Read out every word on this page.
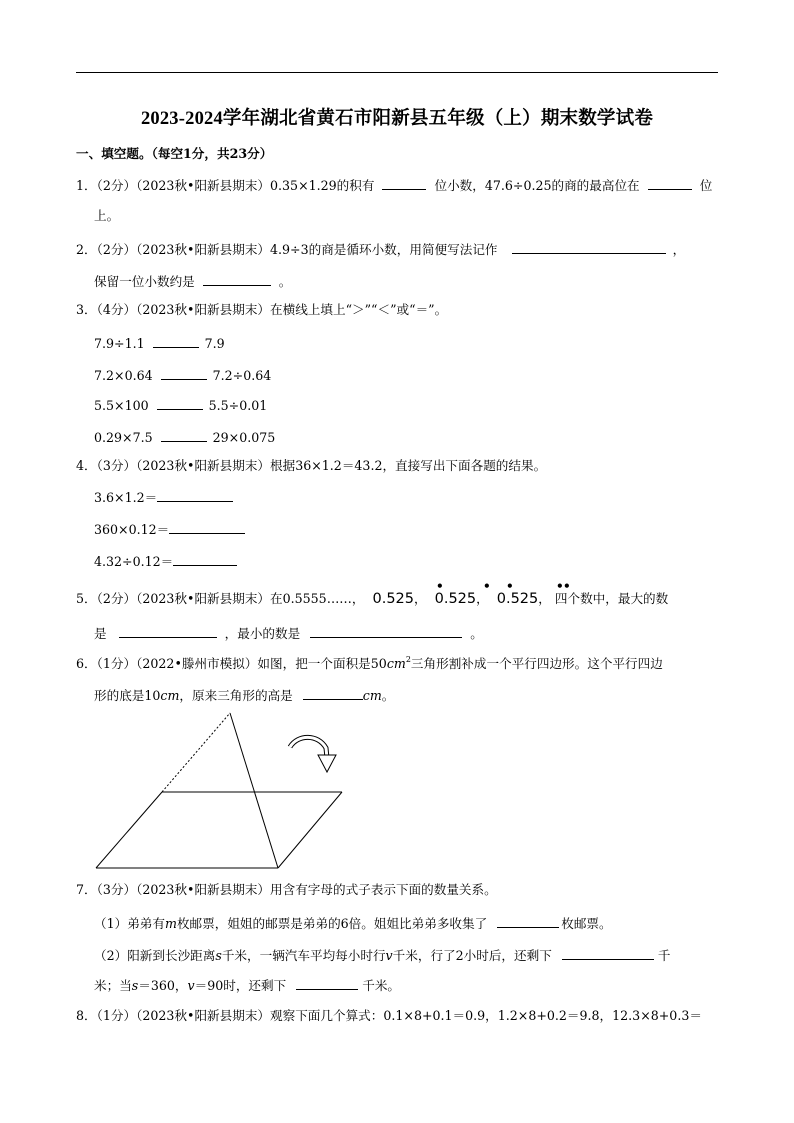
2023-2024学年湖北省黄石市阳新县五年级（上）期末数学试卷
一、填空题。（每空1分，共23分）
1．（2分）（2023秋•阳新县期末）0.35×1.29的积有	位小数，47.6÷0.25的商的最高位在	位
上。
2．（2分）（2023秋•阳新县期末）4.9÷3的商是循环小数，用简便写法记作	，
保留一位小数约是	。
3．（4分）（2023秋•阳新县期末）在横线上填上“＞”“＜”或“＝”。
7.9÷1.1	7.9
7.2×0.64	7.2÷0.64
5.5×100	5.5÷0.01
0.29×7.5	29×0.075
4．（3分）（2023秋•阳新县期末）根据36×1.2＝43.2，直接写出下面各题的结果。
3.6×1.2＝
360×0.12＝
4.32÷0.12＝
5．（2分）（2023秋•阳新县期末）在0.5555……， 0.525， 0.525， 0.525， 四个数中，最大的数
•	• •	• •
是	，最小的数是	。
6．（1分）（2022•滕州市模拟）如图，把一个面积是$50cm^2$三角形割补成一个平行四边形。这个平行四边
形的底是10cm，原来三角形的高是	cm。
7．（3分）（2023秋•阳新县期末）用含有字母的式子表示下面的数量关系。
（1）弟弟有m枚邮票，姐姐的邮票是弟弟的6倍。姐姐比弟弟多收集了	枚邮票。
（2）阳新到长沙距离s千米，一辆汽车平均每小时行v千米，行了2小时后，还剩下	千
米；当s＝360，v＝90时，还剩下	千米。
8．（1分）（2023秋•阳新县期末）观察下面几个算式：0.1×8+0.1＝0.9，1.2×8+0.2＝9.8，12.3×8+0.3＝
